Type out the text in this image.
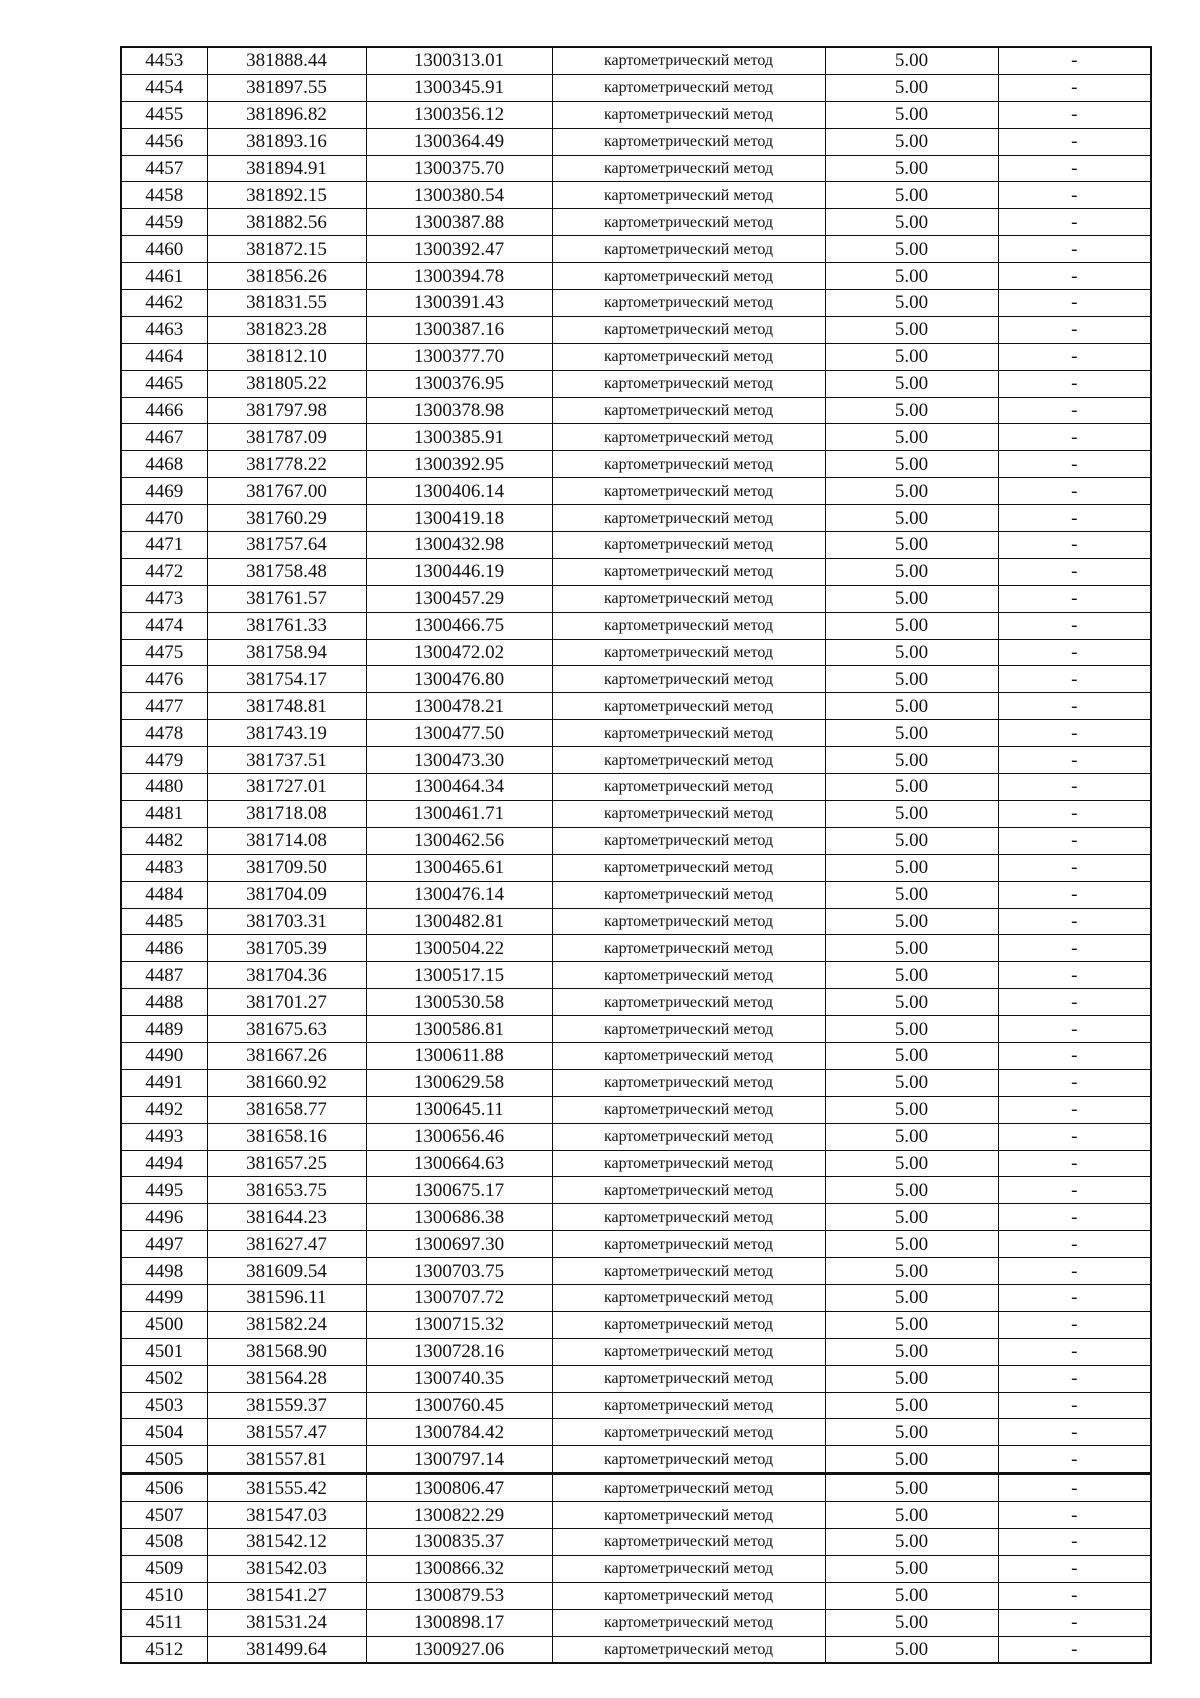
4453	381888.44	1300313.01	картометрический метод	5.00	-
4454	381897.55	1300345.91	картометрический метод	5.00	-
4455	381896.82	1300356.12	картометрический метод	5.00	-
4456	381893.16	1300364.49	картометрический метод	5.00	-
4457	381894.91	1300375.70	картометрический метод	5.00	-
4458	381892.15	1300380.54	картометрический метод	5.00	-
4459	381882.56	1300387.88	картометрический метод	5.00	-
4460	381872.15	1300392.47	картометрический метод	5.00	-
4461	381856.26	1300394.78	картометрический метод	5.00	-
4462	381831.55	1300391.43	картометрический метод	5.00	-
4463	381823.28	1300387.16	картометрический метод	5.00	-
4464	381812.10	1300377.70	картометрический метод	5.00	-
4465	381805.22	1300376.95	картометрический метод	5.00	-
4466	381797.98	1300378.98	картометрический метод	5.00	-
4467	381787.09	1300385.91	картометрический метод	5.00	-
4468	381778.22	1300392.95	картометрический метод	5.00	-
4469	381767.00	1300406.14	картометрический метод	5.00	-
4470	381760.29	1300419.18	картометрический метод	5.00	-
4471	381757.64	1300432.98	картометрический метод	5.00	-
4472	381758.48	1300446.19	картометрический метод	5.00	-
4473	381761.57	1300457.29	картометрический метод	5.00	-
4474	381761.33	1300466.75	картометрический метод	5.00	-
4475	381758.94	1300472.02	картометрический метод	5.00	-
4476	381754.17	1300476.80	картометрический метод	5.00	-
4477	381748.81	1300478.21	картометрический метод	5.00	-
4478	381743.19	1300477.50	картометрический метод	5.00	-
4479	381737.51	1300473.30	картометрический метод	5.00	-
4480	381727.01	1300464.34	картометрический метод	5.00	-
4481	381718.08	1300461.71	картометрический метод	5.00	-
4482	381714.08	1300462.56	картометрический метод	5.00	-
4483	381709.50	1300465.61	картометрический метод	5.00	-
4484	381704.09	1300476.14	картометрический метод	5.00	-
4485	381703.31	1300482.81	картометрический метод	5.00	-
4486	381705.39	1300504.22	картометрический метод	5.00	-
4487	381704.36	1300517.15	картометрический метод	5.00	-
4488	381701.27	1300530.58	картометрический метод	5.00	-
4489	381675.63	1300586.81	картометрический метод	5.00	-
4490	381667.26	1300611.88	картометрический метод	5.00	-
4491	381660.92	1300629.58	картометрический метод	5.00	-
4492	381658.77	1300645.11	картометрический метод	5.00	-
4493	381658.16	1300656.46	картометрический метод	5.00	-
4494	381657.25	1300664.63	картометрический метод	5.00	-
4495	381653.75	1300675.17	картометрический метод	5.00	-
4496	381644.23	1300686.38	картометрический метод	5.00	-
4497	381627.47	1300697.30	картометрический метод	5.00	-
4498	381609.54	1300703.75	картометрический метод	5.00	-
4499	381596.11	1300707.72	картометрический метод	5.00	-
4500	381582.24	1300715.32	картометрический метод	5.00	-
4501	381568.90	1300728.16	картометрический метод	5.00	-
4502	381564.28	1300740.35	картометрический метод	5.00	-
4503	381559.37	1300760.45	картометрический метод	5.00	-
4504	381557.47	1300784.42	картометрический метод	5.00	-
4505	381557.81	1300797.14	картометрический метод	5.00	-
4506	381555.42	1300806.47	картометрический метод	5.00	-
4507	381547.03	1300822.29	картометрический метод	5.00	-
4508	381542.12	1300835.37	картометрический метод	5.00	-
4509	381542.03	1300866.32	картометрический метод	5.00	-
4510	381541.27	1300879.53	картометрический метод	5.00	-
4511	381531.24	1300898.17	картометрический метод	5.00	-
4512	381499.64	1300927.06	картометрический метод	5.00	-
